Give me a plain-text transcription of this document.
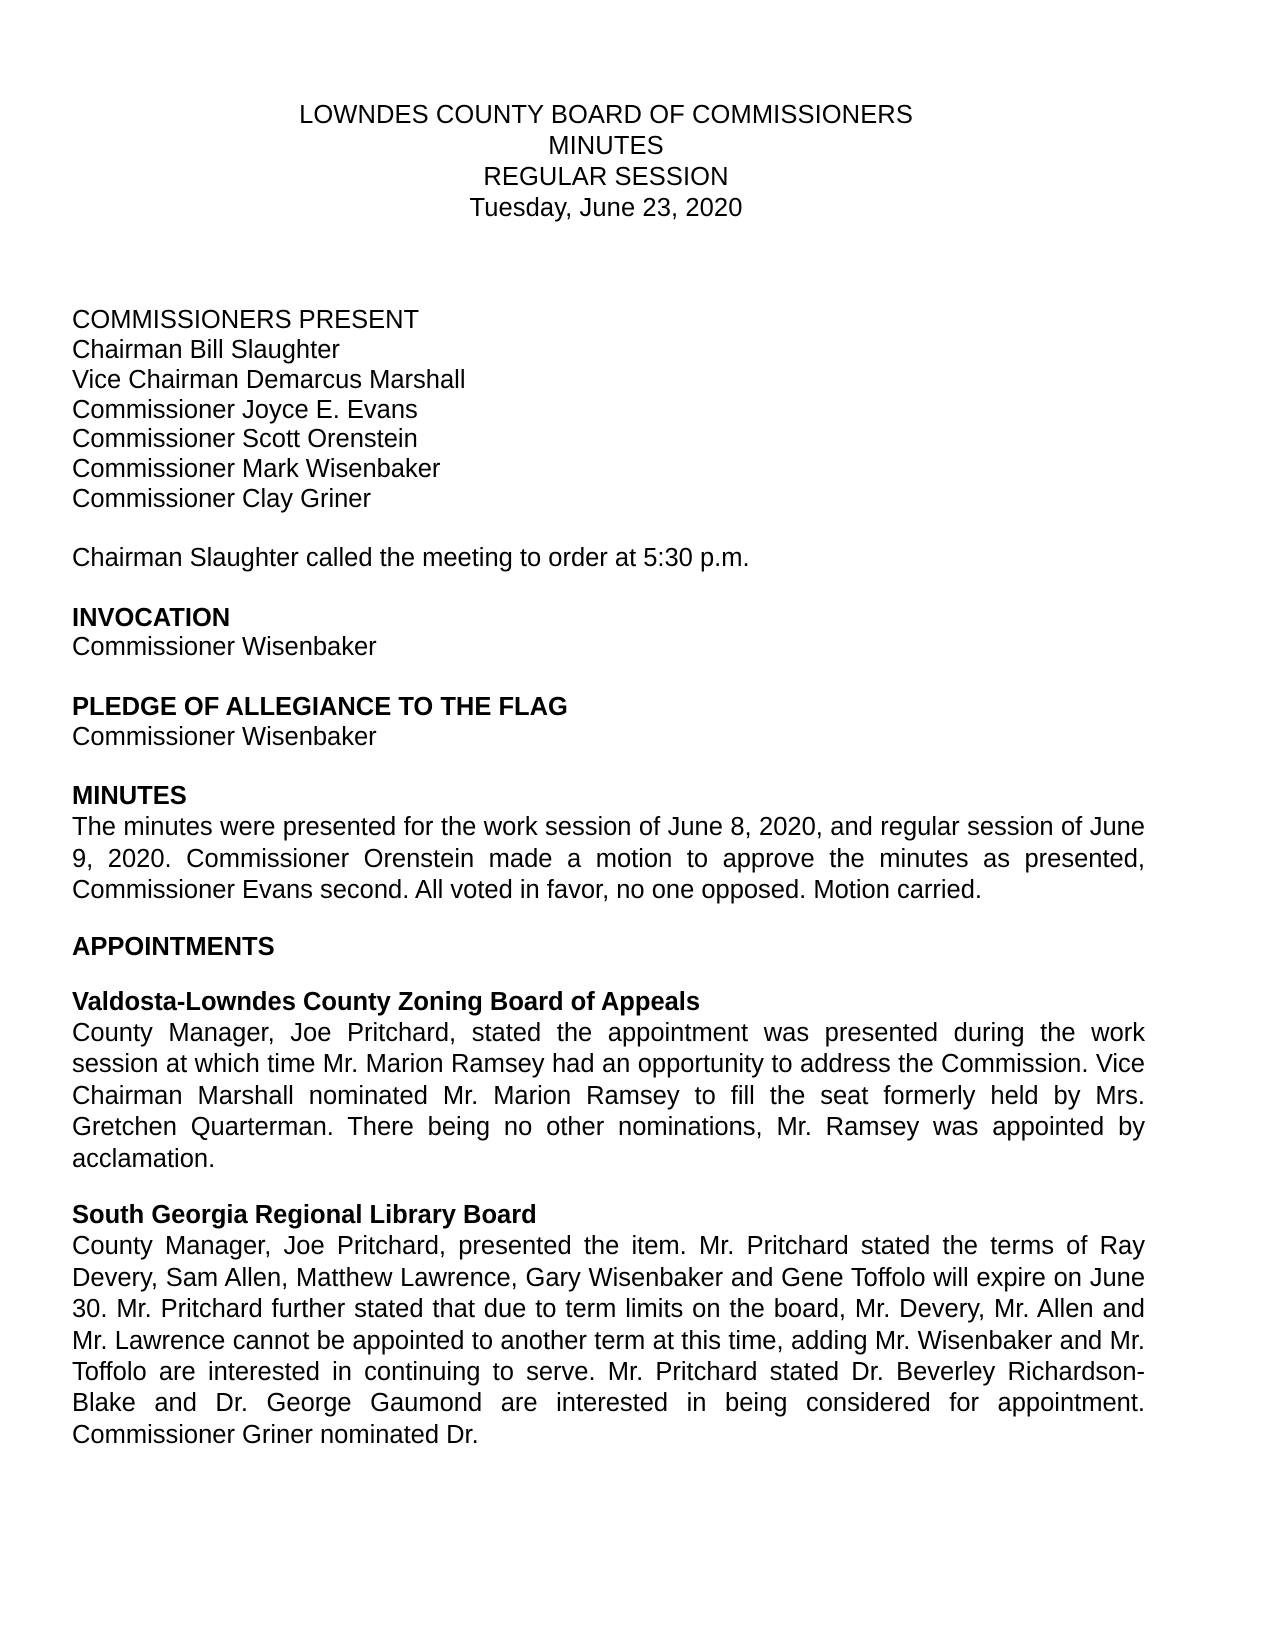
LOWNDES COUNTY BOARD OF COMMISSIONERS
MINUTES
REGULAR SESSION
Tuesday, June 23, 2020
COMMISSIONERS PRESENT
Chairman Bill Slaughter
Vice Chairman Demarcus Marshall
Commissioner Joyce E. Evans
Commissioner Scott Orenstein
Commissioner Mark Wisenbaker
Commissioner Clay Griner
Chairman Slaughter called the meeting to order at 5:30 p.m.
INVOCATION
Commissioner Wisenbaker
PLEDGE OF ALLEGIANCE TO THE FLAG
Commissioner Wisenbaker
MINUTES

The minutes were presented for the work session of June 8, 2020, and regular session of June 9, 2020. Commissioner Orenstein made a motion to approve the minutes as presented, Commissioner Evans second. All voted in favor, no one opposed. Motion carried.

APPOINTMENTS
Valdosta-Lowndes County Zoning Board of Appeals

County Manager, Joe Pritchard, stated the appointment was presented during the work session at which time Mr. Marion Ramsey had an opportunity to address the Commission. Vice Chairman Marshall nominated Mr. Marion Ramsey to fill the seat formerly held by Mrs. Gretchen Quarterman. There being no other nominations, Mr. Ramsey was appointed by acclamation.

South Georgia Regional Library Board

County Manager, Joe Pritchard, presented the item. Mr. Pritchard stated the terms of Ray Devery, Sam Allen, Matthew Lawrence, Gary Wisenbaker and Gene Toffolo will expire on June 30. Mr. Pritchard further stated that due to term limits on the board, Mr. Devery, Mr. Allen and Mr. Lawrence cannot be appointed to another term at this time, adding Mr. Wisenbaker and Mr. Toffolo are interested in continuing to serve. Mr. Pritchard stated Dr. Beverley Richardson-Blake and Dr. George Gaumond are interested in being considered for appointment. Commissioner Griner nominated Dr.
